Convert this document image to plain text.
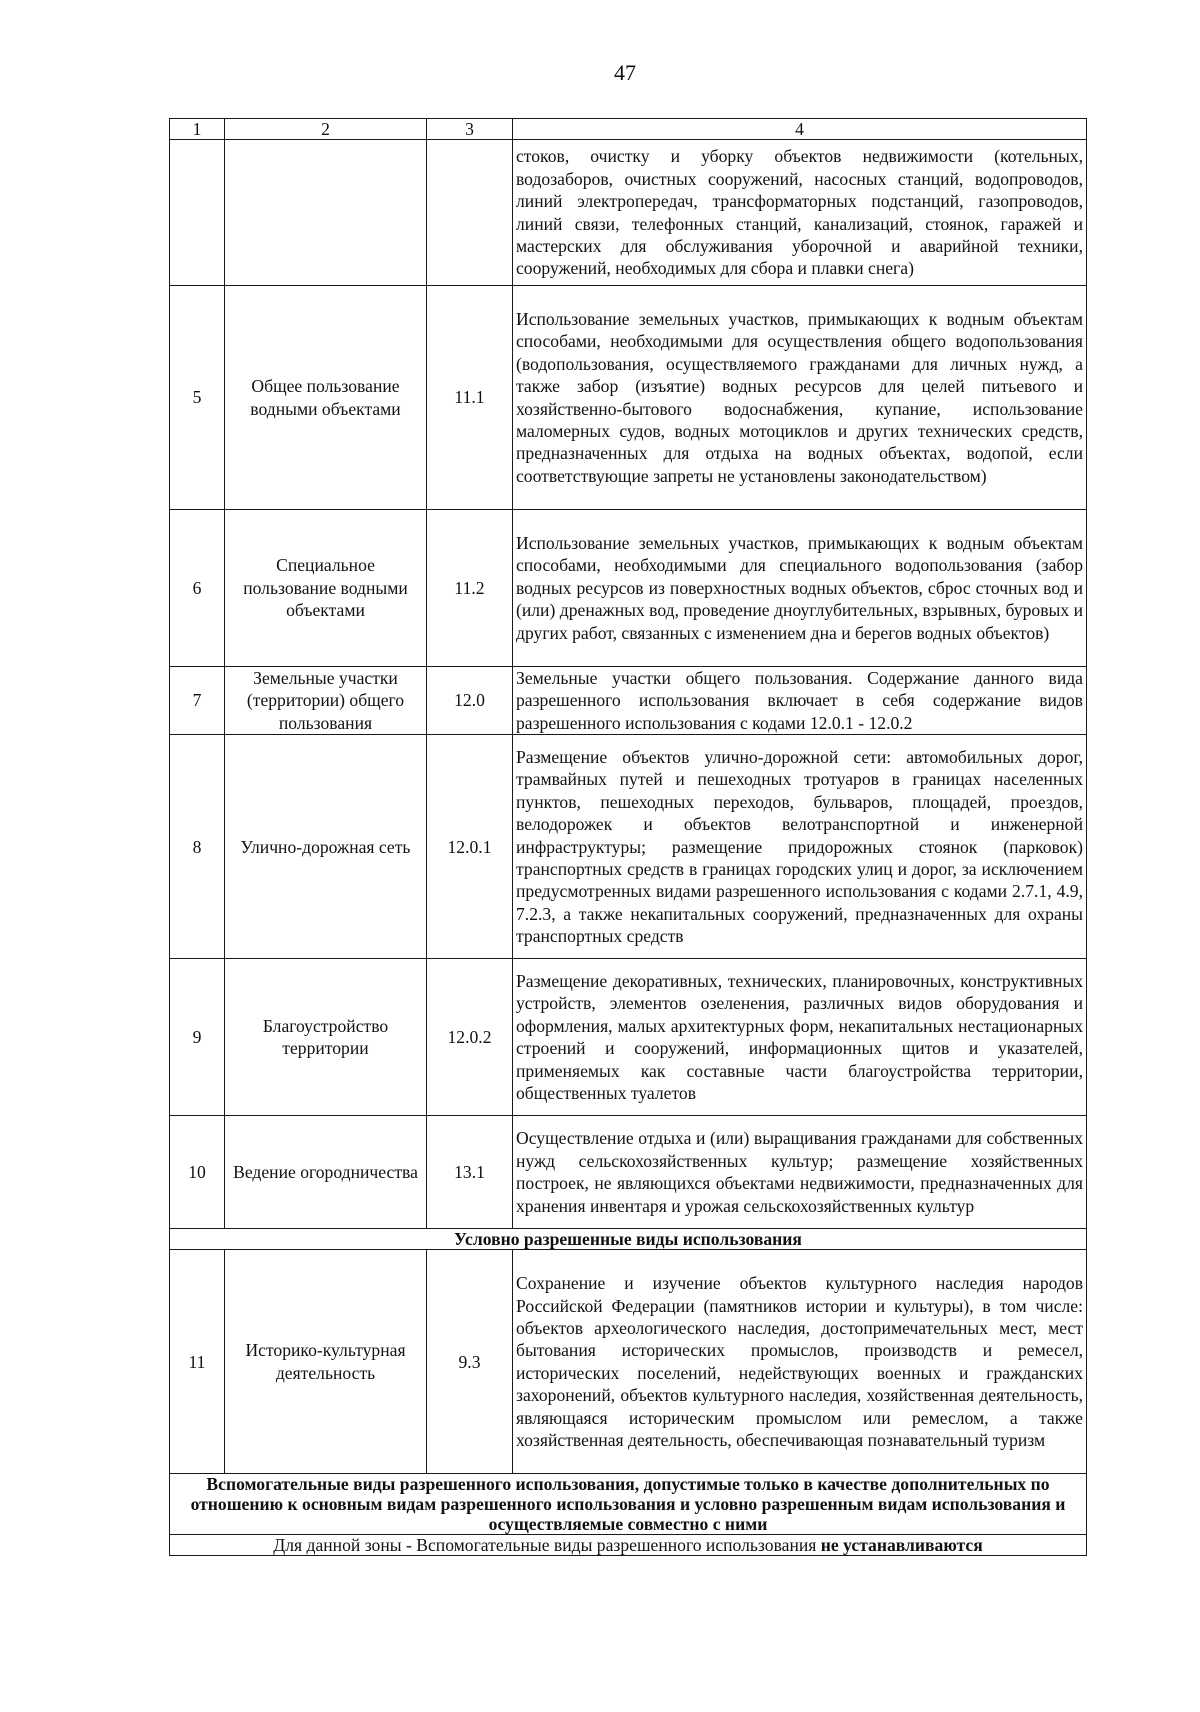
47
1	2	3	4
			стоков, очистку и уборку объектов недвижимости (котельных, водозаборов, очистных сооружений, насосных станций, водопроводов, линий электропередач, трансформаторных подстанций, газопроводов, линий связи, телефонных станций, канализаций, стоянок, гаражей и мастерских для обслуживания уборочной и аварийной техники, сооружений, необходимых для сбора и плавки снега)
5	Общее пользование водными объектами	11.1	Использование земельных участков, примыкающих к водным объектам способами, необходимыми для осуществления общего водопользования (водопользования, осуществляемого гражданами для личных нужд, а также забор (изъятие) водных ресурсов для целей питьевого и хозяйственно-бытового водоснабжения, купание, использование маломерных судов, водных мотоциклов и других технических средств, предназначенных для отдыха на водных объектах, водопой, если соответствующие запреты не установлены законодательством)
6	Специальное пользование водными объектами	11.2	Использование земельных участков, примыкающих к водным объектам способами, необходимыми для специального водопользования (забор водных ресурсов из поверхностных водных объектов, сброс сточных вод и (или) дренажных вод, проведение дноуглубительных, взрывных, буровых и других работ, связанных с изменением дна и берегов водных объектов)
7	Земельные участки (территории) общего пользования	12.0	Земельные участки общего пользования. Содержание данного вида разрешенного использования включает в себя содержание видов разрешенного использования с кодами 12.0.1 - 12.0.2
8	Улично-дорожная сеть	12.0.1	Размещение объектов улично-дорожной сети: автомобильных дорог, трамвайных путей и пешеходных тротуаров в границах населенных пунктов, пешеходных переходов, бульваров, площадей, проездов, велодорожек и объектов велотранспортной и инженерной инфраструктуры; размещение придорожных стоянок (парковок) транспортных средств в границах городских улиц и дорог, за исключением предусмотренных видами разрешенного использования с кодами 2.7.1, 4.9, 7.2.3, а также некапитальных сооружений, предназначенных для охраны транспортных средств
9	Благоустройство территории	12.0.2	Размещение декоративных, технических, планировочных, конструктивных устройств, элементов озеленения, различных видов оборудования и оформления, малых архитектурных форм, некапитальных нестационарных строений и сооружений, информационных щитов и указателей, применяемых как составные части благоустройства территории, общественных туалетов
10	Ведение огородничества	13.1	Осуществление отдыха и (или) выращивания гражданами для собственных нужд сельскохозяйственных культур; размещение хозяйственных построек, не являющихся объектами недвижимости, предназначенных для хранения инвентаря и урожая сельскохозяйственных культур
Условно разрешенные виды использования			
11	Историко-культурная деятельность	9.3	Сохранение и изучение объектов культурного наследия народов Российской Федерации (памятников истории и культуры), в том числе: объектов археологического наследия, достопримечательных мест, мест бытования исторических промыслов, производств и ремесел, исторических поселений, недействующих военных и гражданских захоронений, объектов культурного наследия, хозяйственная деятельность, являющаяся историческим промыслом или ремеслом, а также хозяйственная деятельность, обеспечивающая познавательный туризм
Вспомогательные виды разрешенного использования, допустимые только в качестве дополнительных по отношению к основным видам разрешенного использования и условно разрешенным видам использования и осуществляемые совместно с ними			
Для данной зоны - Вспомогательные виды разрешенного использования не устанавливаются			
